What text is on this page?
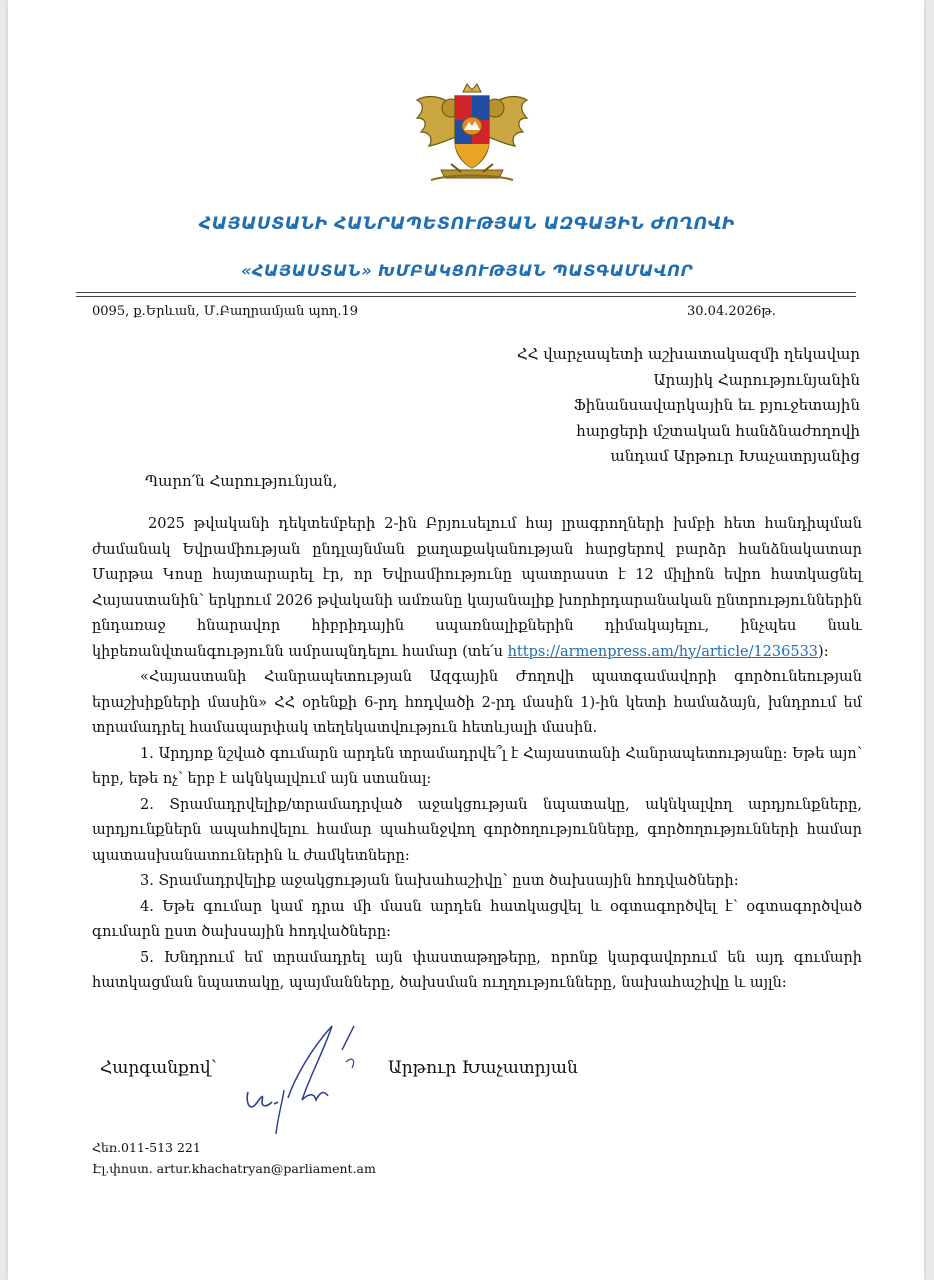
ՀԱՅԱՍՏԱՆԻ ՀԱՆՐԱՊԵՏՈՒԹՅԱՆ ԱԶԳԱՅԻՆ ԺՈՂՈՎԻ
«ՀԱՅԱՍՏԱՆ» ԽՄԲԱԿՑՈՒԹՅԱՆ ՊԱՏԳԱՄԱՎՈՐ
0095, ք.Երևան, Մ.Բաղրամյան պող.19	30.04.2026թ.
ՀՀ վարչապետի աշխատակազմի ղեկավար
Արայիկ Հարությունյանին
Ֆինանսավարկային եւ բյուջետային
հարցերի մշտական հանձնաժողովի
անդամ Արթուր Խաչատրյանից
Պարո՛ն Հարությունյան,

2025 թվականի դեկտեմբերի 2-ին Բրյուսելում հայ լրագրողների խմբի հետ հանդիպման ժամանակ Եվրամիության ընդլայնման քաղաքականության հարցերով բարձր հանձնակատար Մարթա Կոսը հայտարարել էր, որ Եվրամիությունը պատրաստ է 12 միլիոն եվրո հատկացնել Հայաստանին՝ երկրում 2026 թվականի ամռանը կայանալիք խորհրդարանական ընտրություններին ընդառաջ հնարավոր հիբրիդային սպառնալիքներին դիմակայելու, ինչպես նաև կիբեռանվտանգությունն ամրապնդելու համար (տե՛ս https://armenpress.am/hy/article/1236533):

«Հայաստանի Հանրապետության Ազգային Ժողովի պատգամավորի գործունեության երաշխիքների մասին» ՀՀ օրենքի 6-րդ հոդվածի 2-րդ մասին 1)-ին կետի համաձայն, խնդրում եմ տրամադրել համապարփակ տեղեկատվություն հետևյալի մասին.

1. Արդյոք նշված գումարն արդեն տրամադրվե՞լ է Հայաստանի Հանրապետությանը։ Եթե այո՝ երբ, եթե ոչ՝ երբ է ակնկալվում այն ստանալ։

2. Տրամադրվելիք/տրամադրված աջակցության նպատակը, ակնկալվող արդյունքները, արդյունքներն ապահովելու համար պահանջվող գործողությունները, գործողությունների համար պատասխանատուներին և ժամկետները։

3. Տրամադրվելիք աջակցության նախահաշիվը՝ ըստ ծախսային հոդվածների։

4. Եթե գումար կամ դրա մի մասն արդեն հատկացվել և օգտագործվել է՝ օգտագործված գումարն ըստ ծախսային հոդվածները։

5. Խնդրում եմ տրամադրել այն փաստաթղթերը, որոնք կարգավորում են այդ գումարի հատկացման նպատակը, պայմանները, ծախսման ուղղությունները, նախահաշիվը և այլն։

Հարգանքով՝	Արթուր Խաչատրյան
Հեռ.011-513 221
Էլ.փոստ. artur.khachatryan@parliament.am
